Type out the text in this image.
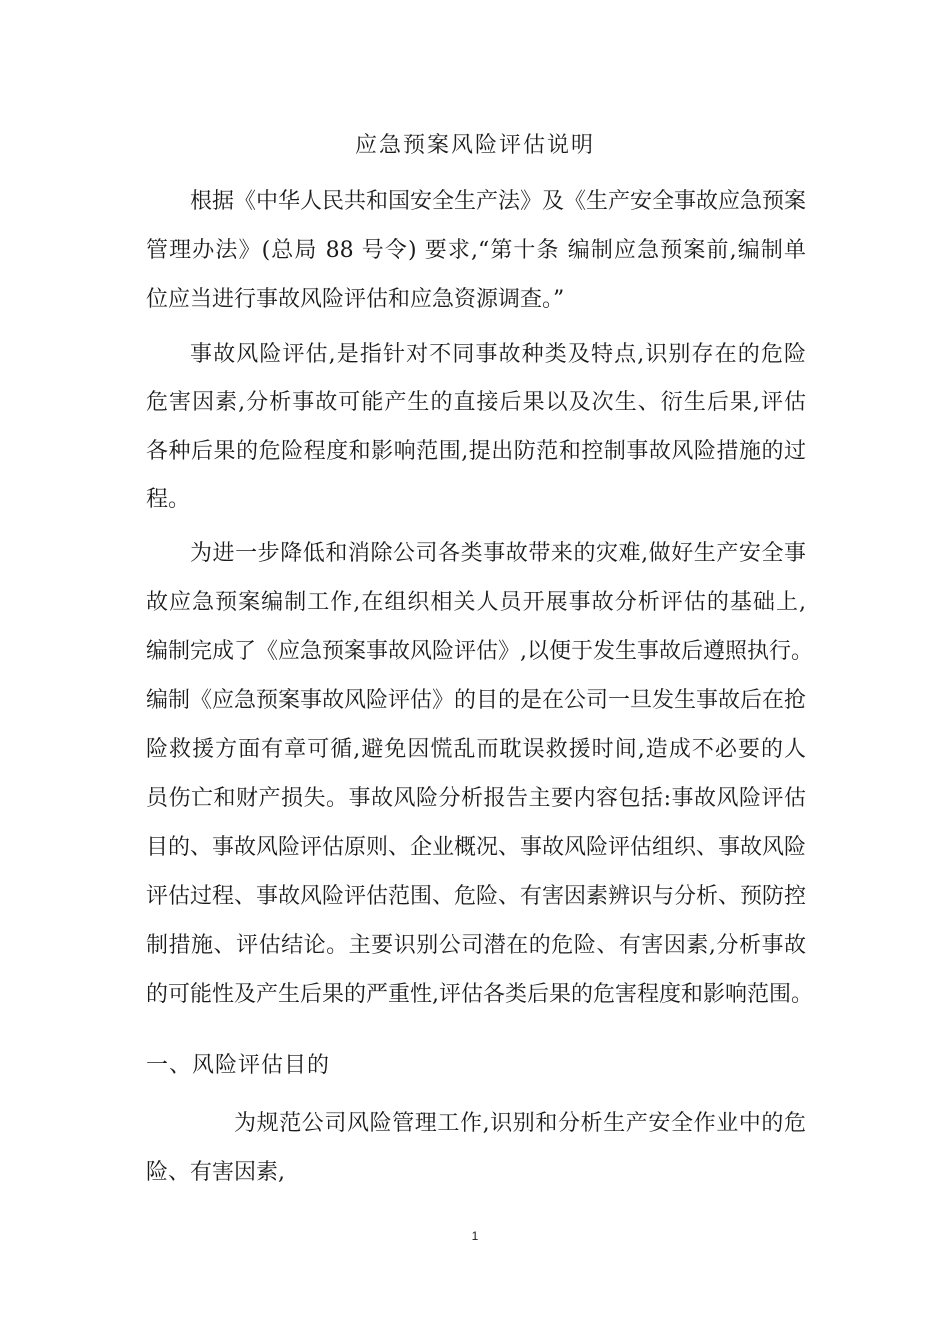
应急预案风险评估说明
根据《中华人民共和国安全生产法》及《生产安全事故应急预案
管理办法》(总局 88 号令) 要求,“第十条 编制应急预案前,编制单
位应当进行事故风险评估和应急资源调查。”
事故风险评估,是指针对不同事故种类及特点,识别存在的危险
危害因素,分析事故可能产生的直接后果以及次生、衍生后果,评估
各种后果的危险程度和影响范围,提出防范和控制事故风险措施的过
程。
为进一步降低和消除公司各类事故带来的灾难,做好生产安全事
故应急预案编制工作,在组织相关人员开展事故分析评估的基础上,
编制完成了《应急预案事故风险评估》,以便于发生事故后遵照执行。
编制《应急预案事故风险评估》的目的是在公司一旦发生事故后在抢
险救援方面有章可循,避免因慌乱而耽误救援时间,造成不必要的人
员伤亡和财产损失。事故风险分析报告主要内容包括:事故风险评估
目的、事故风险评估原则、企业概况、事故风险评估组织、事故风险
评估过程、事故风险评估范围、危险、有害因素辨识与分析、预防控
制措施、评估结论。主要识别公司潜在的危险、有害因素,分析事故
的可能性及产生后果的严重性,评估各类后果的危害程度和影响范围。
一、风险评估目的
为规范公司风险管理工作,识别和分析生产安全作业中的危
险、有害因素,
1
